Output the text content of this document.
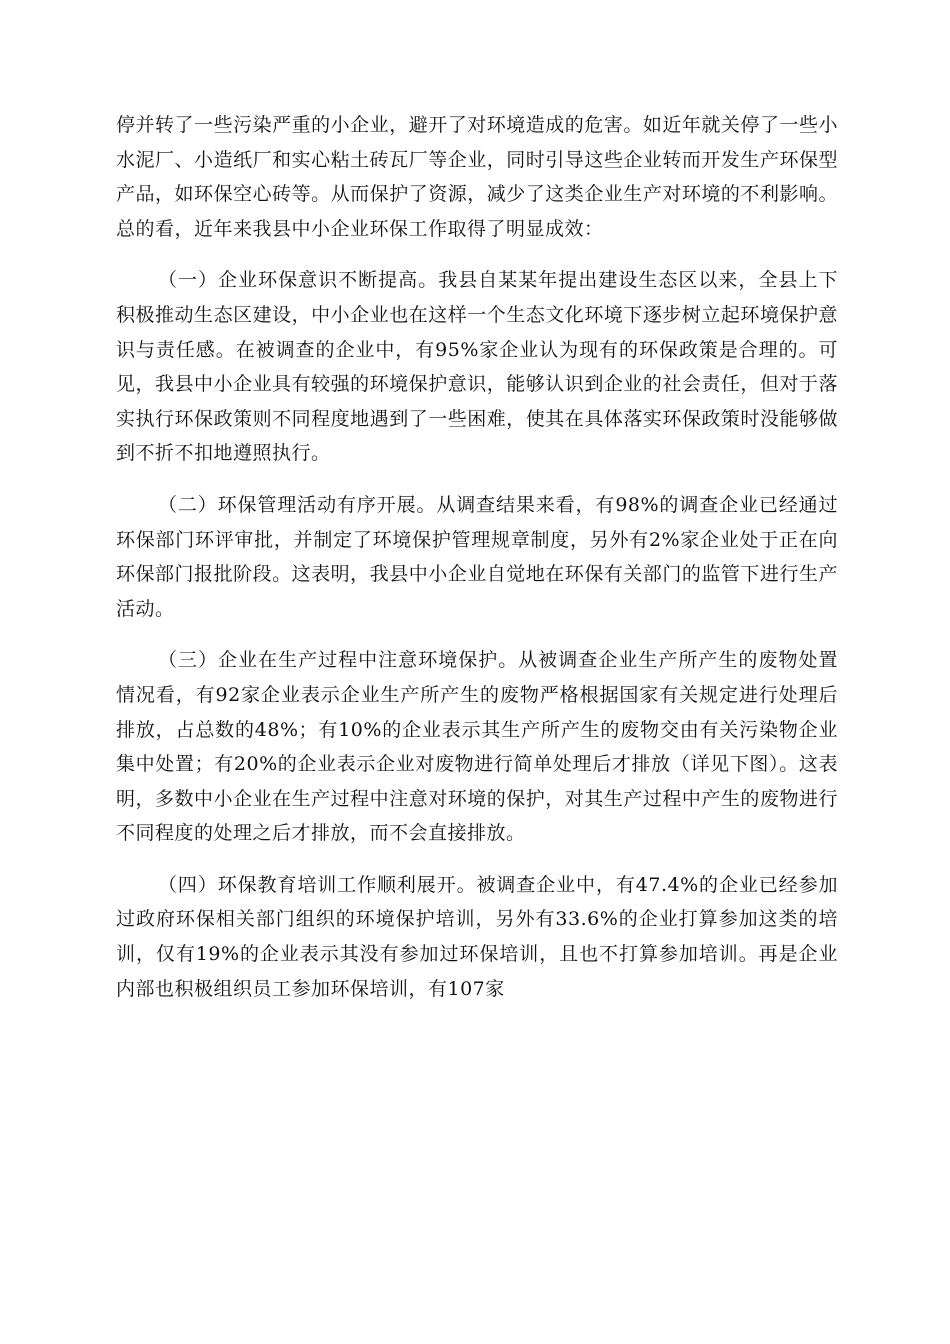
停并转了一些污染严重的小企业，避开了对环境造成的危害。如近年就关停了一些小水泥厂、小造纸厂和实心粘土砖瓦厂等企业，同时引导这些企业转而开发生产环保型产品，如环保空心砖等。从而保护了资源，减少了这类企业生产对环境的不利影响。总的看，近年来我县中小企业环保工作取得了明显成效：

（一）企业环保意识不断提高。我县自某某年提出建设生态区以来，全县上下积极推动生态区建设，中小企业也在这样一个生态文化环境下逐步树立起环境保护意识与责任感。在被调查的企业中，有95%家企业认为现有的环保政策是合理的。可见，我县中小企业具有较强的环境保护意识，能够认识到企业的社会责任，但对于落实执行环保政策则不同程度地遇到了一些困难，使其在具体落实环保政策时没能够做到不折不扣地遵照执行。

（二）环保管理活动有序开展。从调查结果来看，有98%的调查企业已经通过环保部门环评审批，并制定了环境保护管理规章制度，另外有2%家企业处于正在向环保部门报批阶段。这表明，我县中小企业自觉地在环保有关部门的监管下进行生产活动。

（三）企业在生产过程中注意环境保护。从被调查企业生产所产生的废物处置情况看，有92家企业表示企业生产所产生的废物严格根据国家有关规定进行处理后排放，占总数的48%；有10%的企业表示其生产所产生的废物交由有关污染物企业集中处置；有20%的企业表示企业对废物进行简单处理后才排放（详见下图）。这表明，多数中小企业在生产过程中注意对环境的保护，对其生产过程中产生的废物进行不同程度的处理之后才排放，而不会直接排放。

（四）环保教育培训工作顺利展开。被调查企业中，有47.4%的企业已经参加过政府环保相关部门组织的环境保护培训，另外有33.6%的企业打算参加这类的培训，仅有19%的企业表示其没有参加过环保培训，且也不打算参加培训。再是企业内部也积极组织员工参加环保培训，有107家
